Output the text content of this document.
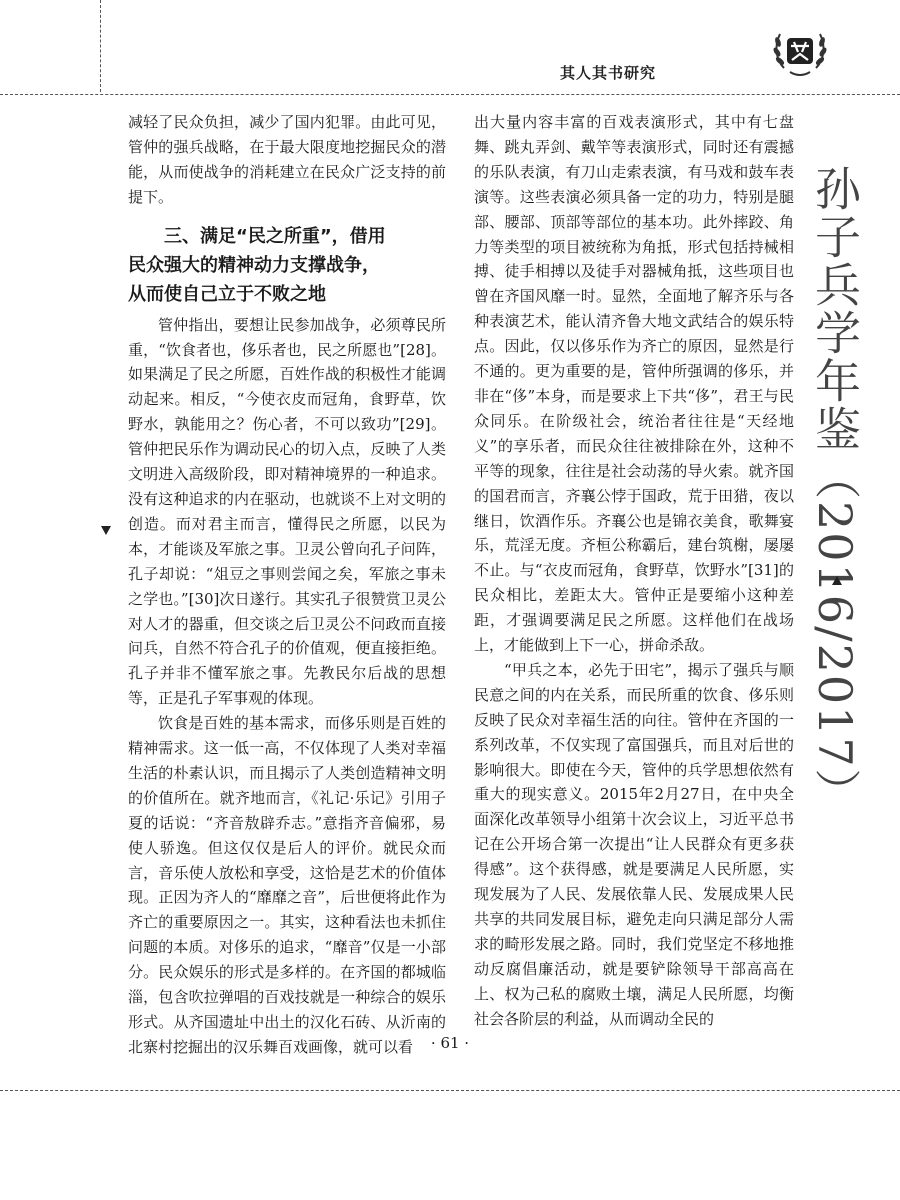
其人其书研究
孙子兵学年鉴（2016/2017）

减轻了民众负担，减少了国内犯罪。由此可见，管仲的强兵战略，在于最大限度地挖掘民众的潜能，从而使战争的消耗建立在民众广泛支持的前提下。

三、满足“民之所重”，借用
民众强大的精神动力支撑战争，
从而使自己立于不败之地

管仲指出，要想让民参加战争，必须尊民所重，“饮食者也，侈乐者也，民之所愿也”[28]。如果满足了民之所愿，百姓作战的积极性才能调动起来。相反，“今使衣皮而冠角，食野草，饮野水，孰能用之？伤心者，不可以致功”[29]。管仲把民乐作为调动民心的切入点，反映了人类文明进入高级阶段，即对精神境界的一种追求。没有这种追求的内在驱动，也就谈不上对文明的创造。而对君主而言，懂得民之所愿，以民为本，才能谈及军旅之事。卫灵公曾向孔子问阵，孔子却说：“俎豆之事则尝闻之矣，军旅之事未之学也。”[30]次日遂行。其实孔子很赞赏卫灵公对人才的器重，但交谈之后卫灵公不问政而直接问兵，自然不符合孔子的价值观，便直接拒绝。孔子并非不懂军旅之事。先教民尔后战的思想等，正是孔子军事观的体现。

饮食是百姓的基本需求，而侈乐则是百姓的精神需求。这一低一高，不仅体现了人类对幸福生活的朴素认识，而且揭示了人类创造精神文明的价值所在。就齐地而言，《礼记·乐记》引用子夏的话说：“齐音敖辟乔志。”意指齐音偏邪，易使人骄逸。但这仅仅是后人的评价。就民众而言，音乐使人放松和享受，这恰是艺术的价值体现。正因为齐人的“靡靡之音”，后世便将此作为齐亡的重要原因之一。其实，这种看法也未抓住问题的本质。对侈乐的追求，“靡音”仅是一小部分。民众娱乐的形式是多样的。在齐国的都城临淄，包含吹拉弹唱的百戏技就是一种综合的娱乐形式。从齐国遗址中出土的汉化石砖、从沂南的北寨村挖掘出的汉乐舞百戏画像，就可以看

出大量内容丰富的百戏表演形式，其中有七盘舞、跳丸弄剑、戴竿等表演形式，同时还有震撼的乐队表演，有刀山走索表演，有马戏和鼓车表演等。这些表演必须具备一定的功力，特别是腿部、腰部、顶部等部位的基本功。此外摔跤、角力等类型的项目被统称为角抵，形式包括持械相搏、徒手相搏以及徒手对器械角抵，这些项目也曾在齐国风靡一时。显然，全面地了解齐乐与各种表演艺术，能认清齐鲁大地文武结合的娱乐特点。因此，仅以侈乐作为齐亡的原因，显然是行不通的。更为重要的是，管仲所强调的侈乐，并非在“侈”本身，而是要求上下共“侈”，君王与民众同乐。在阶级社会，统治者往往是“天经地义”的享乐者，而民众往往被排除在外，这种不平等的现象，往往是社会动荡的导火索。就齐国的国君而言，齐襄公悖于国政，荒于田猎，夜以继日，饮酒作乐。齐襄公也是锦衣美食，歌舞宴乐，荒淫无度。齐桓公称霸后，建台筑榭，屡屡不止。与“衣皮而冠角，食野草，饮野水”[31]的民众相比，差距太大。管仲正是要缩小这种差距，才强调要满足民之所愿。这样他们在战场上，才能做到上下一心，拼命杀敌。

“甲兵之本，必先于田宅”，揭示了强兵与顺民意之间的内在关系，而民所重的饮食、侈乐则反映了民众对幸福生活的向往。管仲在齐国的一系列改革，不仅实现了富国强兵，而且对后世的影响很大。即使在今天，管仲的兵学思想依然有重大的现实意义。2015年2月27日，在中央全面深化改革领导小组第十次会议上，习近平总书记在公开场合第一次提出“让人民群众有更多获得感”。这个获得感，就是要满足人民所愿，实现发展为了人民、发展依靠人民、发展成果人民共享的共同发展目标，避免走向只满足部分人需求的畸形发展之路。同时，我们党坚定不移地推动反腐倡廉活动，就是要铲除领导干部高高在上、权为己私的腐败土壤，满足人民所愿，均衡社会各阶层的利益，从而调动全民的

· 61 ·
